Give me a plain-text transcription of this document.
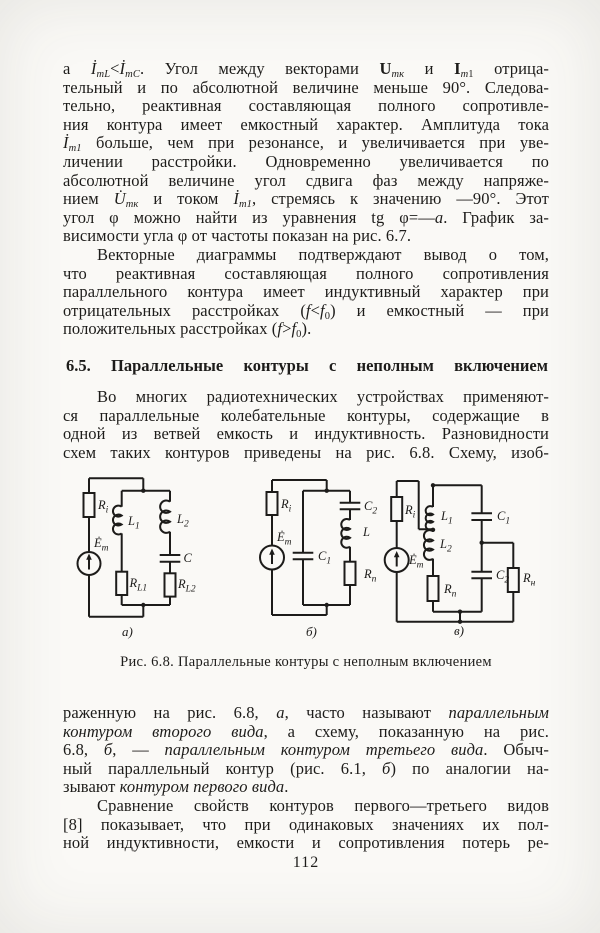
а $İ_{mL}<İ_{mC}$. Угол между векторами $U_{mк}$ и $I_{m1}$ отрица-
тельный и по абсолютной величине меньше 90°. Следова-
тельно, реактивная составляющая полного сопротивле-
ния контура имеет емкостный характер. Амплитуда тока
$İ_{m1}$ больше, чем при резонансе, и увеличивается при уве-
личении расстройки. Одновременно увеличивается по
абсолютной величине угол сдвига фаз между напряже-
нием $U̇_{mк}$ и током $İ_{m1}$, стремясь к значению —90°. Этот
угол φ можно найти из уравнения tg φ=—a. График за-
висимости угла φ от частоты показан на рис. 6.7.
Векторные диаграммы подтверждают вывод о том,
что реактивная составляющая полного сопротивления
параллельного контура имеет индуктивный характер при
отрицательных расстройках $(f<f_0)$ и емкостный — при
положительных расстройках $(f>f_0)$.
6.5. Параллельные контуры с неполным включением
Во многих радиотехнических устройствах применяют-
ся параллельные колебательные контуры, содержащие в
одной из ветвей емкость и индуктивность. Разновидности
схем таких контуров приведены на рис. 6.8. Схему, изоб-
$R_i$
$Ė_m$
$L_1$
$L_2$
C
$R_{L1}$ $R_{L2}$
а)
$R_i$
$Ė_m$
$C_1$
$C_2$
L
$R_п$
б)
$R_i$
$Ė_m$
$L_1$
$L_2$
$R_п$
$C_1$
$C_2$ $R_н$
в)
Рис. 6.8. Параллельные контуры с неполным включением
раженную на рис. 6.8, а, часто называют параллельным
контуром второго вида, а схему, показанную на рис.
6.8, б, — параллельным контуром третьего вида. Обыч-
ный параллельный контур (рис. 6.1, б) по аналогии на-
зывают контуром первого вида.
Сравнение свойств контуров первого—третьего видов
[8] показывает, что при одинаковых значениях их пол-
ной индуктивности, емкости и сопротивления потерь ре-
112
